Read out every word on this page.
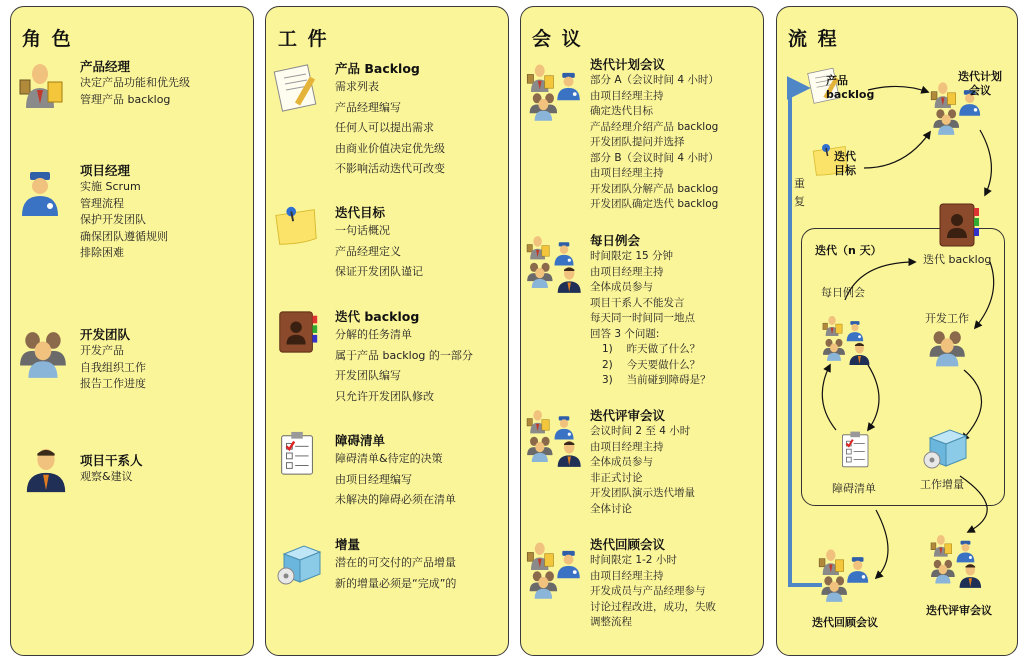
角 色
产品经理
决定产品功能和优先级
管理产品 backlog
项目经理
实施 Scrum
管理流程
保护开发团队
确保团队遵循规则
排除困难
开发团队
开发产品
自我组织工作
报告工作进度
项目干系人
观察&建议
工 件
产品 Backlog
需求列表
产品经理编写
任何人可以提出需求
由商业价值决定优先级
不影响活动迭代可改变
迭代目标
一句话概况
产品经理定义
保证开发团队谨记
迭代 backlog
分解的任务清单
属于产品 backlog 的一部分
开发团队编写
只允许开发团队修改
障碍清单
障碍清单&待定的决策
由项目经理编写
未解决的障碍必须在清单
增量
潜在的可交付的产品增量
新的增量必须是“完成”的
会 议
迭代计划会议
部分 A（会议时间 4 小时）
由项目经理主持
确定迭代目标
产品经理介绍产品 backlog
开发团队提问并选择
部分 B（会议时间 4 小时）
由项目经理主持
开发团队分解产品 backlog
开发团队确定迭代 backlog
每日例会
时间限定 15 分钟
由项目经理主持
全体成员参与
项目干系人不能发言
每天同一时间同一地点
回答 3 个问题:
1)　 昨天做了什么？
2)　 今天要做什么？
3)　 当前碰到障碍是？
迭代评审会议
会议时间 2 至 4 小时
由项目经理主持
全体成员参与
非正式讨论
开发团队演示迭代增量
全体讨论
迭代回顾会议
时间限定 1-2 小时
由项目经理主持
开发成员与产品经理参与
讨论过程改进，成功，失败
调整流程
流 程
产品
backlog
迭代
目标
迭代计划
会议
重
复
迭代（n 天）
迭代 backlog
每日例会
开发工作
障碍清单	工作增量
迭代评审会议
迭代回顾会议
